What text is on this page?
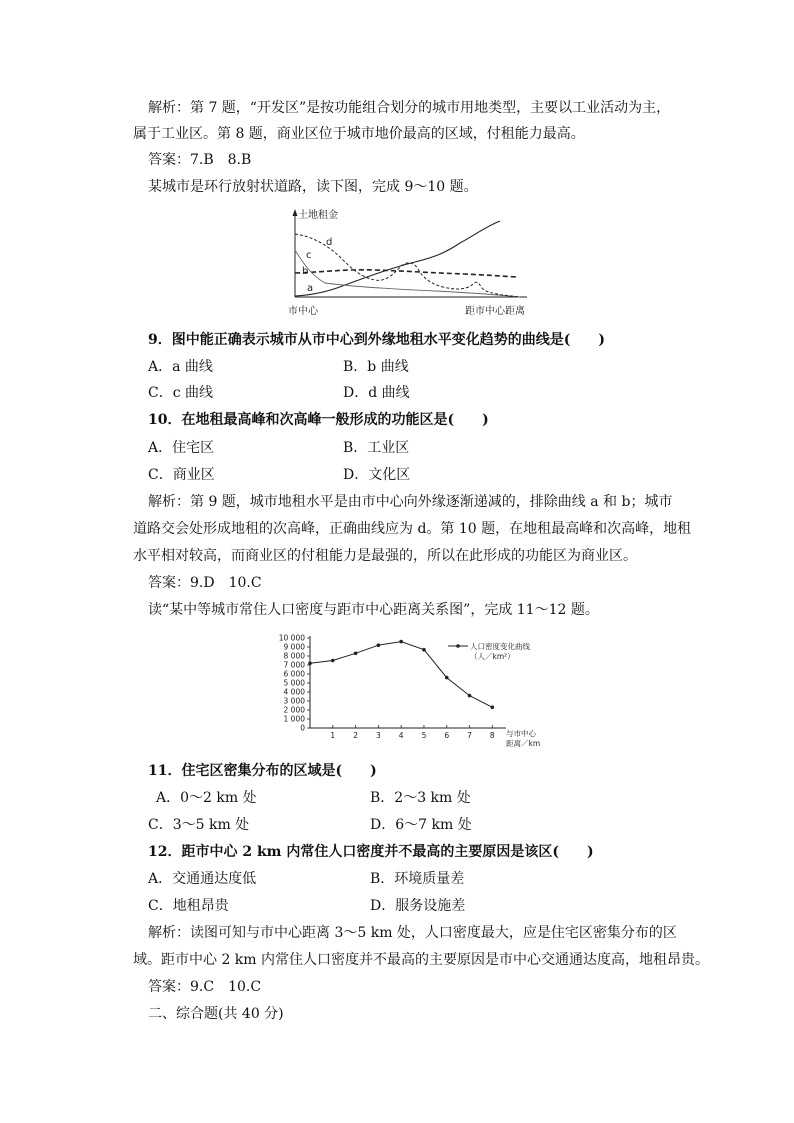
解析：第 7 题，“开发区”是按功能组合划分的城市用地类型，主要以工业活动为主，
属于工业区。第 8 题，商业区位于城市地价最高的区域，付租能力最高。
答案：7.B　8.B
某城市是环行放射状道路，读下图，完成 9～10 题。
土地租金
市中心	距市中心距离
d
c
b
a
9．图中能正确表示城市从市中心到外缘地租水平变化趋势的曲线是(　　)
A．a 曲线	B．b 曲线
C．c 曲线	D．d 曲线
10．在地租最高峰和次高峰一般形成的功能区是(　　)
A．住宅区	B．工业区
C．商业区	D．文化区
解析：第 9 题，城市地租水平是由市中心向外缘逐渐递减的，排除曲线 a 和 b；城市
道路交会处形成地租的次高峰，正确曲线应为 d。第 10 题，在地租最高峰和次高峰，地租
水平相对较高，而商业区的付租能力是最强的，所以在此形成的功能区为商业区。
答案：9.D　10.C
读“某中等城市常住人口密度与距市中心距离关系图”，完成 11～12 题。
0
1 000
2 000
3 000
4 000
5 000
6 000
7 000
8 000
9 000
10 000
1 2 3 4 5 6 7 8
人口密度变化曲线
（人／km²）
与市中心
距离／km
11．住宅区密集分布的区域是(　　)
A．0～2 km 处	B．2～3 km 处
C．3～5 km 处	D．6～7 km 处
12．距市中心 2 km 内常住人口密度并不最高的主要原因是该区(　　)
A．交通通达度低	B．环境质量差
C．地租昂贵	D．服务设施差
解析：读图可知与市中心距离 3～5 km 处，人口密度最大，应是住宅区密集分布的区
域。距市中心 2 km 内常住人口密度并不最高的主要原因是市中心交通通达度高，地租昂贵。
答案：9.C　10.C
二、综合题(共 40 分)
